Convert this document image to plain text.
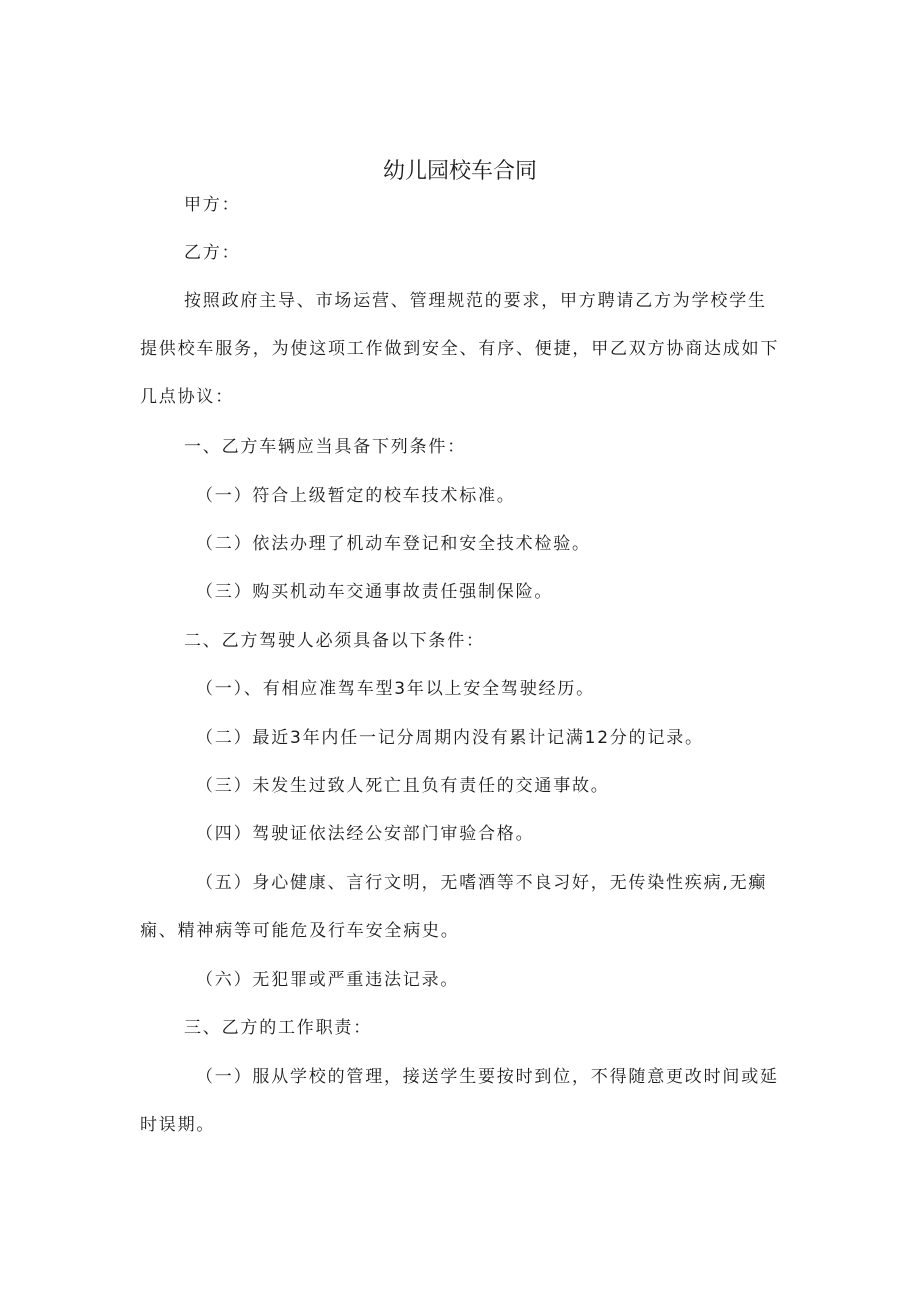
幼儿园校车合同

甲方：

乙方：

按照政府主导、市场运营、管理规范的要求，甲方聘请乙方为学校学生提供校车服务，为使这项工作做到安全、有序、便捷，甲乙双方协商达成如下几点协议：

一、乙方车辆应当具备下列条件：

（一）符合上级暂定的校车技术标准。

（二）依法办理了机动车登记和安全技术检验。

（三）购买机动车交通事故责任强制保险。

二、乙方驾驶人必须具备以下条件：

（一）、有相应准驾车型3年以上安全驾驶经历。

（二）最近3年内任一记分周期内没有累计记满12分的记录。

（三）未发生过致人死亡且负有责任的交通事故。

（四）驾驶证依法经公安部门审验合格。

（五）身心健康、言行文明，无嗜酒等不良习好，无传染性疾病,无癫痫、精神病等可能危及行车安全病史。

（六）无犯罪或严重违法记录。

三、乙方的工作职责：

（一）服从学校的管理，接送学生要按时到位，不得随意更改时间或延时误期。
